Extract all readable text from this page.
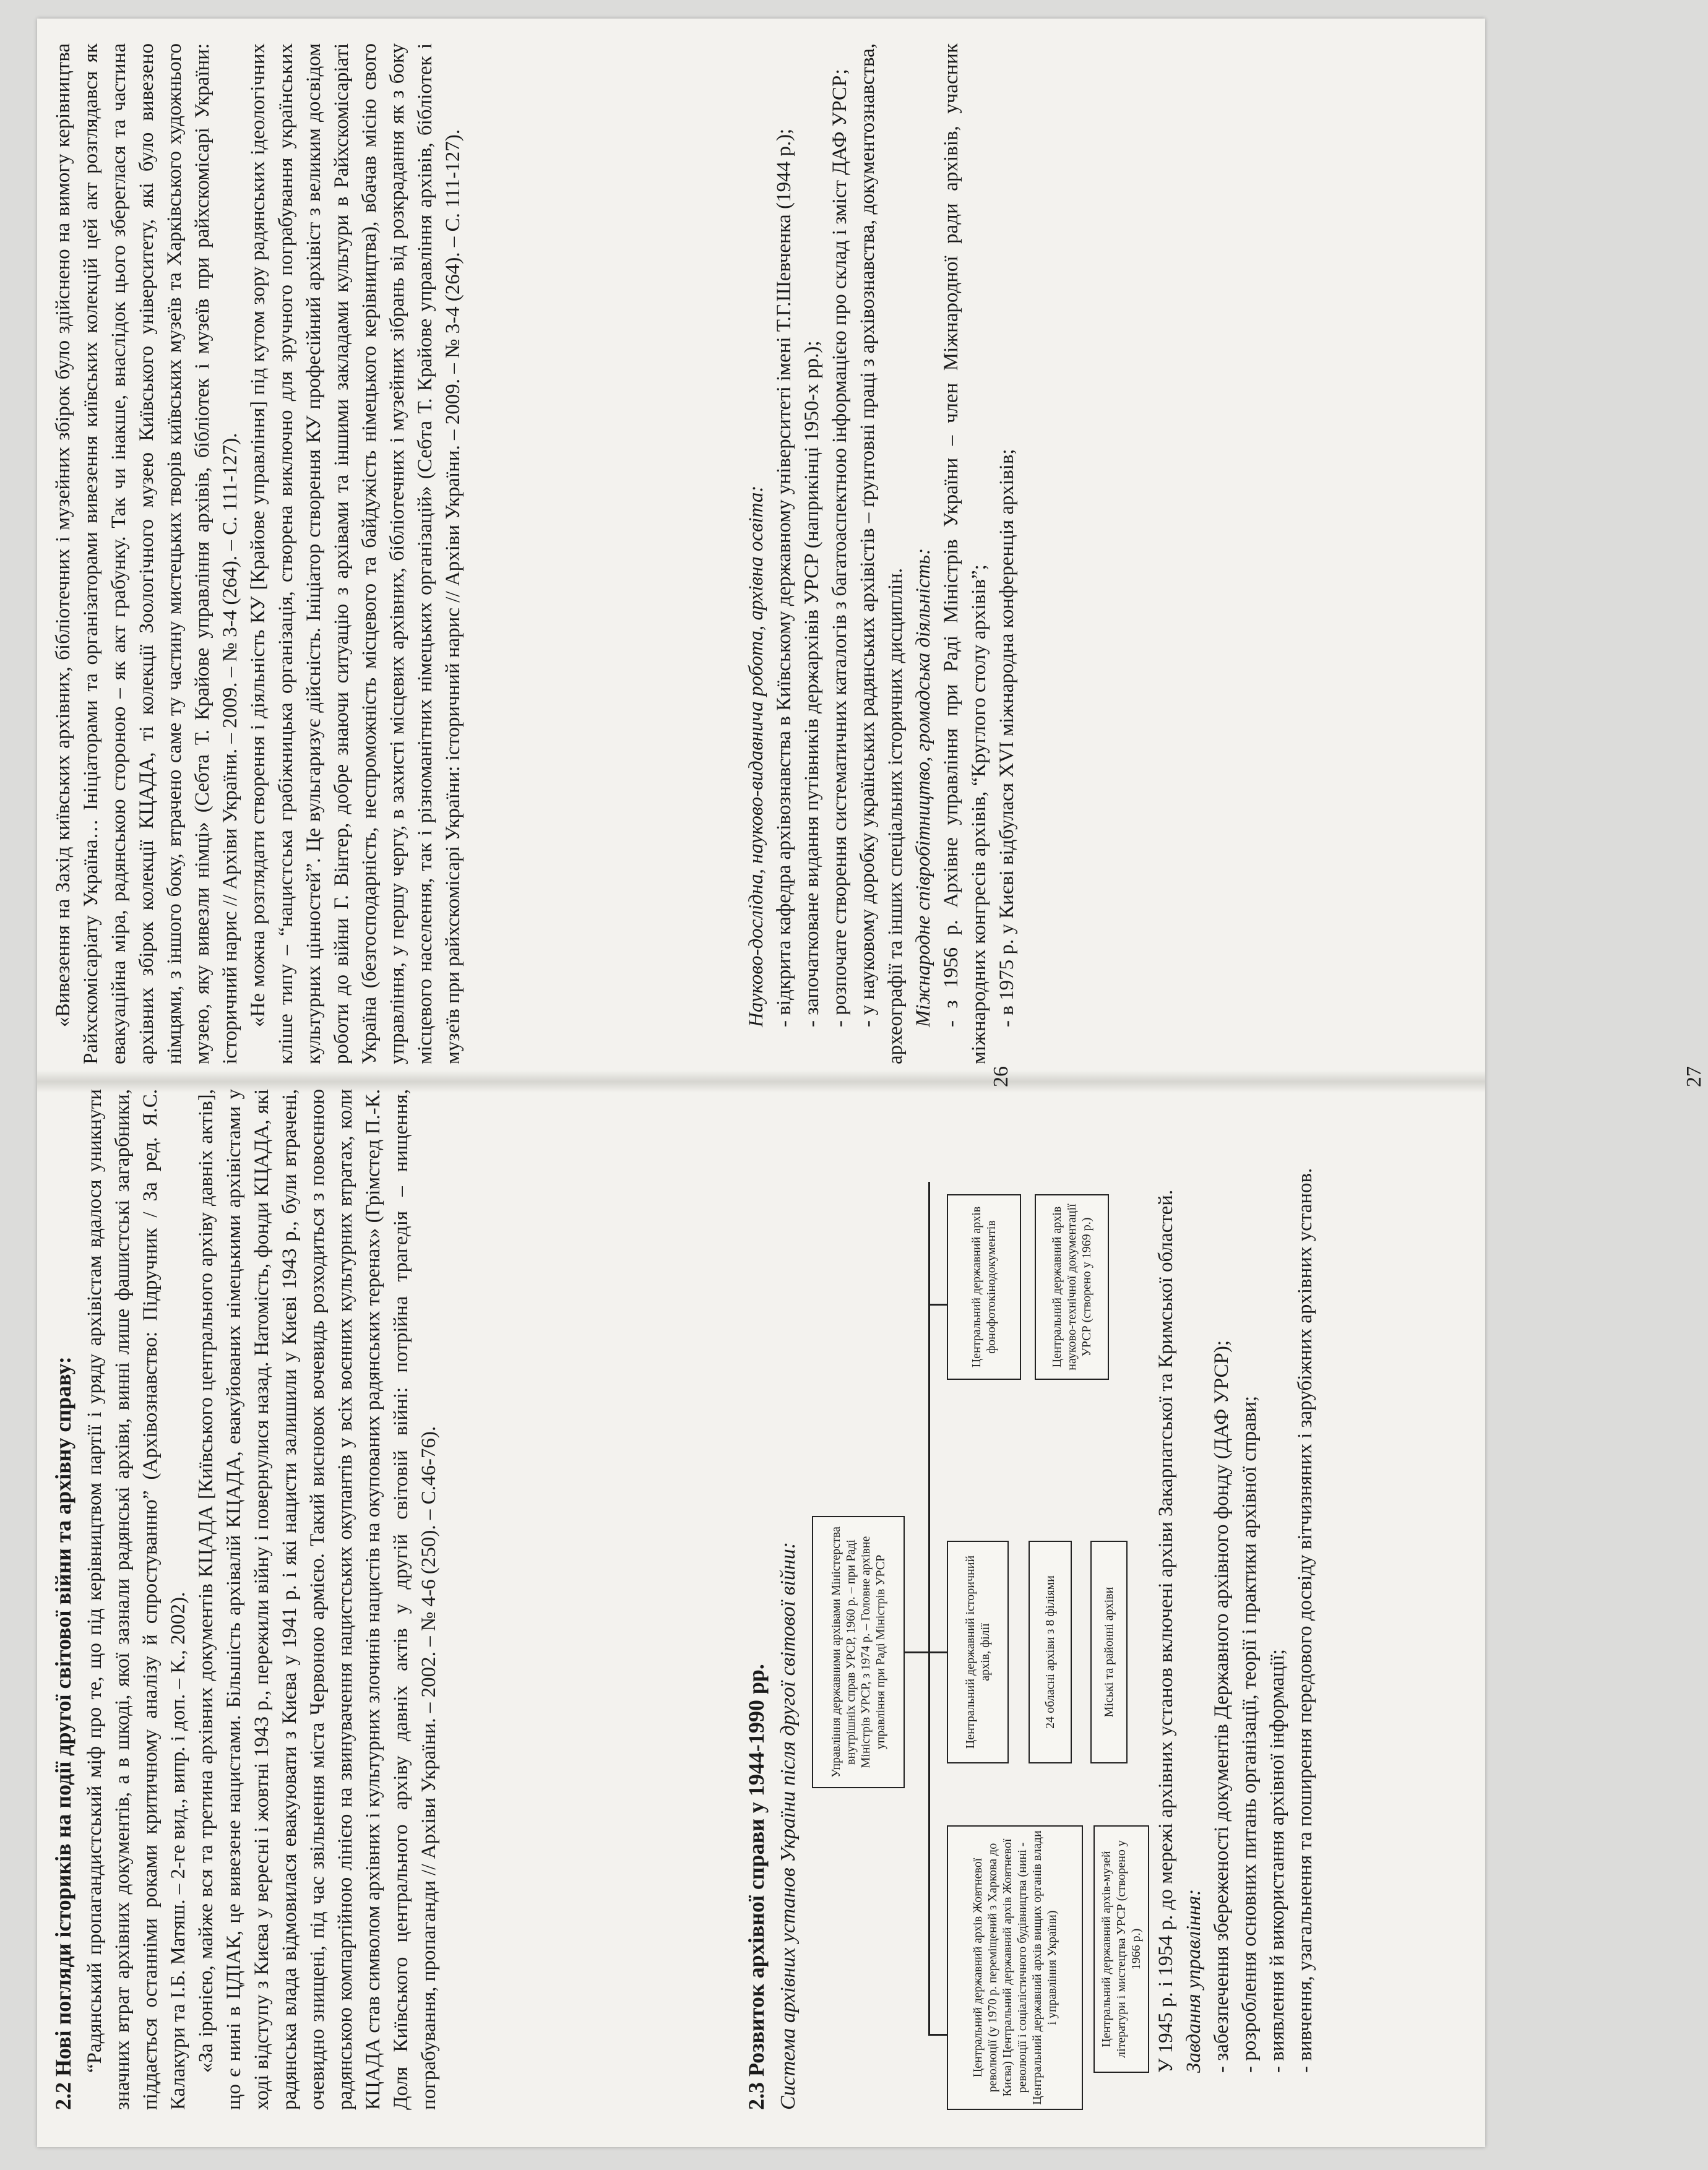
2.2 Нові погляди істориків на події другої світової війни та архівну справу: “Радянський пропагандистський міф про те, що під керівництвом партії і уряду архівістам вдалося уникнути значних втрат архівних документів, а в шкоді, якої зазнали радянські архіви, винні лише фашистські загарбники, піддається останніми роками критичному аналізу й спростуванню” (Архівознавство: Підручник / За ред. Я.С. Калакури та І.Б. Матяш. – 2-ге вид., випр. і доп. – К., 2002). «За іронією, майже вся та третина архівних документів КЦАДА [Київського центрального архіву давніх актів], що є нині в ЦДІАК, це вивезене нацистами. Більшість архівалій КЦАДА, евакуйованих німецькими архівістами у ході відступу з Києва у вересні і жовтні 1943 р., пережили війну і повернулися назад. Натомість, фонди КЦАДА, які радянська влада відмовилася евакуювати з Києва у 1941 р. і які нацисти залишили у Києві 1943 р., були втрачені, очевидно знищені, під час звільнення міста Червоною армією. Такий висновок вочевидь розходиться з повоєнною радянською компартійною лінією на звинувачення нацистських окупантів у всіх воєнних культурних втратах, коли КЦАДА став символом архівних і культурних злочинів нацистів на окупованих радянських теренах» (Грімстед П.-К. Доля Київського центрального архіву давніх актів у другій світовій війні: потрійна трагедія – нищення, пограбування, пропаганди // Архіви України. – 2002. – № 4-6 (250). – С.46-76).

«Вивезення на Захід київських архівних, бібліотечних і музейних збірок було здійснено на вимогу керівництва Райхскомісаріату Україна… Ініціаторами та організаторами вивезення київських колекцій цей акт розглядався як евакуаційна міра, радянською стороною – як акт грабунку. Так чи інакше, внаслідок цього збереглася та частина архівних збірок колекції КЦАДА, ті колекції Зоологічного музею Київського університету, які було вивезено німцями, з іншого боку, втрачено саме ту частину мистецьких творів київських музеїв та Харківського художнього музею, яку вивезли німці» (Себта Т. Крайове управління архівів, бібліотек і музеїв при райхскомісарі України: історичний нарис // Архіви України. – 2009. – № 3-4 (264). – С. 111-127). «Не можна розглядати створення і діяльність КУ [Крайове управління] під кутом зору радянських ідеологічних кліше типу – “нацистська грабіжницька організація, створена виключно для зручного пограбування українських культурних цінностей”. Це вульгаризує дійсність. Ініціатор створення КУ професійний архівіст з великим досвідом роботи до війни Г. Вінтер, добре знаючи ситуацію з архівами та іншими закладами культури в Райхскомісаріаті Україна (безгосподарність, неспроможність місцевого та байдужість німецького керівництва), вбачав місію свого управління, у першу чергу, в захисті місцевих архівних, бібліотечних і музейних зібрань від розкрадання як з боку місцевого населення, так і різноманітних німецьких організацій» (Себта Т. Крайове управління архівів, бібліотек і музеїв при райхскомісарі України: історичний нарис // Архіви України. – 2009. – № 3-4 (264). – С. 111-127).

26
2.3 Розвиток архівної справи у 1944-1990 рр. Система архівних установ України після другої світової війни:	Управління державними архівами Міністерства внутрішніх справ УРСР, 1960 р. – при Раді Міністрів УРСР, з 1974 р. – Головне архівне управління при Раді Міністрів УРСР
Центральний державний архів Жовтневої революції (у 1970 р. переміщений з Харкова до Києва) Центральний державний архів Жовтневої революції і соціалістичного будівництва (нині - Центральний державний архів вищих органів влади і управління України)
Центральний державний історичний архів, філії
Центральний державний архів фонофотокінодокументів
24 обласні архіви з 8 філіями
Центральний державний архів науково-технічної документації УРСР (створено у 1969 р.)
Центральний державний архів-музей літератури і мистецтва УРСР (створено у 1966 р.)
Міські та районні архіви	У 1945 р. і 1954 р. до мережі архівних установ включені архіви Закарпатської та Кримської областей. Завдання управління: - забезпечення збереженості документів Державного архівного фонду (ДАФ УРСР); - розроблення основних питань організації, теорії і практики архівної справи; - виявлення й використання архівної інформації; - вивчення, узагальнення та поширення передового досвіду вітчизняних і зарубіжних архівних установ.

Науково-дослідна, науково-видавнича робота, архівна освіта: - відкрита кафедра архівознавства в Київському державному університеті імені Т.Г.Шевченка (1944 р.); - започатковане видання путівників держархівів УРСР (наприкінці 1950-х рр.); - розпочате створення систематичних каталогів з багатоаспектною інформацією про склад і зміст ДАФ УРСР; - у науковому доробку українських радянських архівістів – ґрунтовні праці з архівознавства, документознавства, археографії та інших спеціальних історичних дисциплін. Міжнародне співробітництво, громадська діяльність: - з 1956 р. Архівне управління при Раді Міністрів України – член Міжнародної ради архівів, учасник міжнародних конгресів архівів, “Круглого столу архівів”; - в 1975 р. у Києві відбулася XVI міжнародна конференція архівів;

27
